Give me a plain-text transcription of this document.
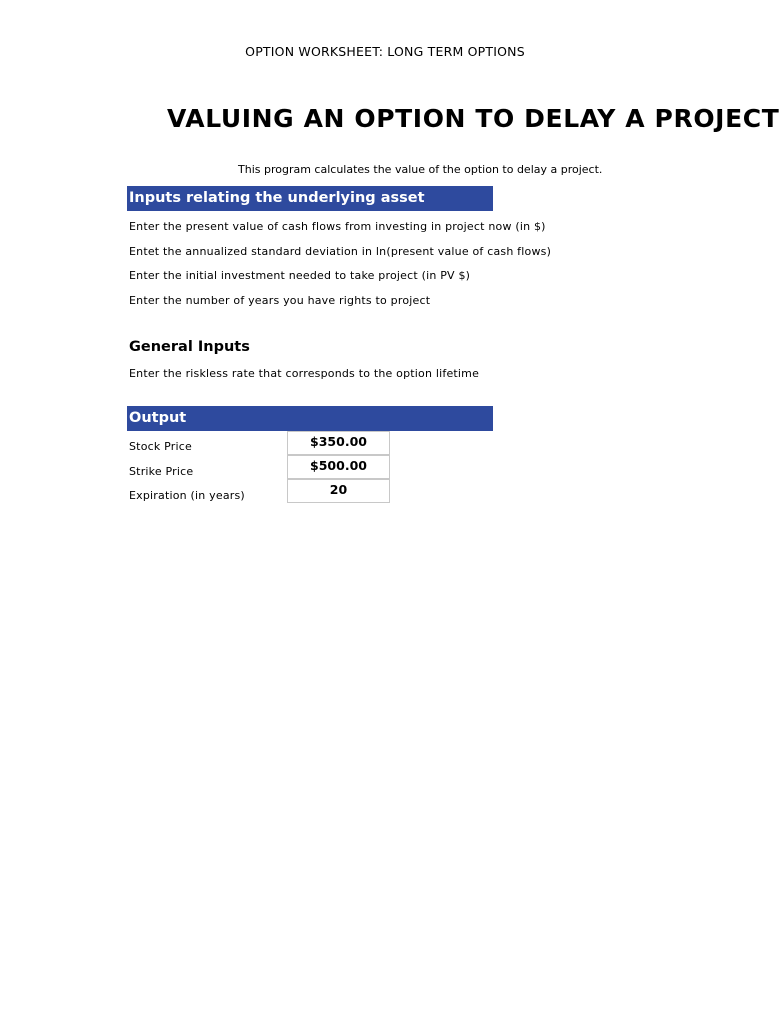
OPTION WORKSHEET: LONG TERM OPTIONS
VALUING AN OPTION TO DELAY A PROJECT
This program calculates the value of the option to delay a project.
Inputs relating the underlying asset
Enter the present value of cash flows from investing in project now (in $)
Entet the annualized standard deviation in ln(present value of cash flows)
Enter the initial investment needed to take project (in PV $)
Enter the number of years you have rights to project
General Inputs
Enter the riskless rate that corresponds to the option lifetime
Output
Stock Price	$350.00
Strike Price	$500.00
Expiration (in years)	20
